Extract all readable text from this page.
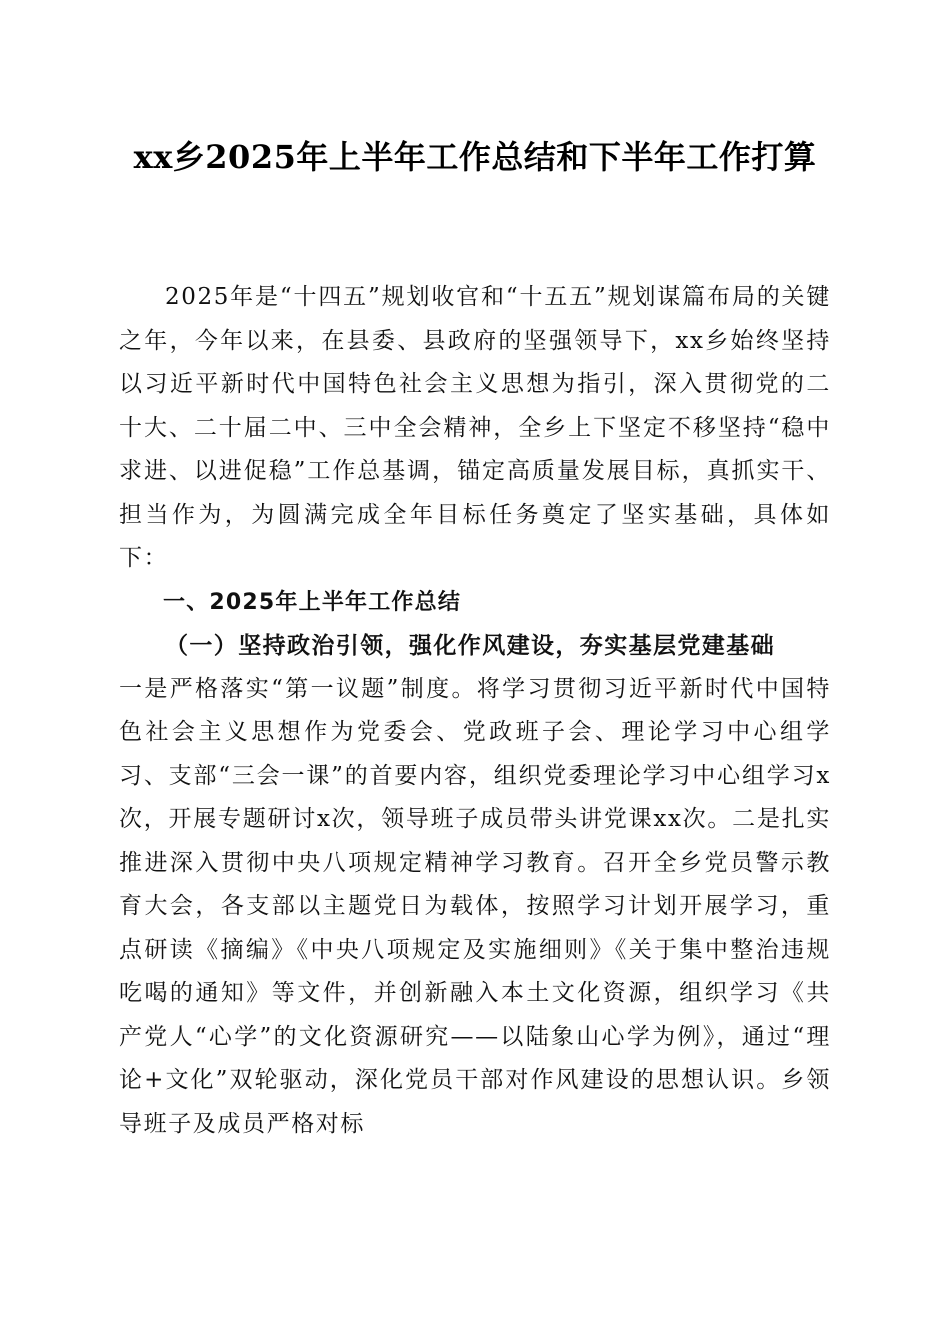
xx乡2025年上半年工作总结和下半年工作打算

2025年是“十四五”规划收官和“十五五”规划谋篇布局的关键之年，今年以来，在县委、县政府的坚强领导下，xx乡始终坚持以习近平新时代中国特色社会主义思想为指引，深入贯彻党的二十大、二十届二中、三中全会精神，全乡上下坚定不移坚持“稳中求进、以进促稳”工作总基调，锚定高质量发展目标，真抓实干、担当作为，为圆满完成全年目标任务奠定了坚实基础，具体如下：

一、2025年上半年工作总结

（一）坚持政治引领，强化作风建设，夯实基层党建基础

一是严格落实“第一议题”制度。将学习贯彻习近平新时代中国特色社会主义思想作为党委会、党政班子会、理论学习中心组学习、支部“三会一课”的首要内容，组织党委理论学习中心组学习x次，开展专题研讨x次，领导班子成员带头讲党课xx次。二是扎实推进深入贯彻中央八项规定精神学习教育。召开全乡党员警示教育大会，各支部以主题党日为载体，按照学习计划开展学习，重点研读《摘编》《中央八项规定及实施细则》《关于集中整治违规吃喝的通知》等文件，并创新融入本土文化资源，组织学习《共产党人“心学”的文化资源研究——以陆象山心学为例》，通过“理论+文化”双轮驱动，深化党员干部对作风建设的思想认识。乡领导班子及成员严格对标
